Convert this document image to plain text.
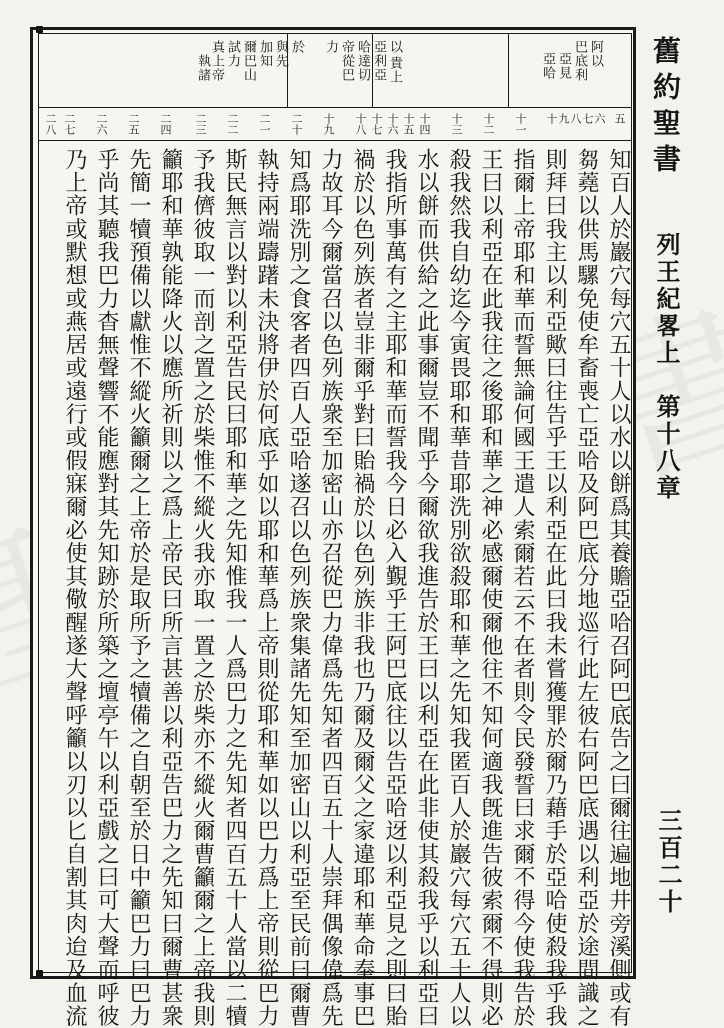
舊約聖書
列王紀畧上　第十八章
三百二十
阿以
巴底利
亞見
亞哈
以
貴上
亞利亞
哈達切
帝從巴
力
於
與先
加知
爾巴山
試力
真上帝
執諸
五
六
七
八
九
十
十一
十二
十三
十四
十五
十六
十七
十八
十九
二十
二一
二二
二三
二四
二五
二六
二七
二八
知百人於巖穴每穴五十人以水以餅爲其養贍亞哈召阿巴底告之曰爾往遍地井旁溪側或有
芻蕘以供馬騾免使牟畜喪亡亞哈及阿巴底分地巡行此左彼右阿巴底遇以利亞於途間識之
則拜曰我主以利亞歟曰往告乎王以利亞在此曰我未嘗獲罪於爾乃藉手於亞哈使殺我乎我
指爾上帝耶和華而誓無論何國王遣人索爾若云不在者則令民發誓曰求爾不得今使我告於
王曰以利亞在此我往之後耶和華之神必感爾使爾他往不知何適我旣進告彼索爾不得則必
殺我然我自幼迄今寅畏耶和華昔耶洗別欲殺耶和華之先知我匿百人於巖穴每穴五十人以
水以餅而供給之此事爾豈不聞乎今爾欲我進告於王曰以利亞在此非使其殺我乎以利亞曰
我指所事萬有之主耶和華而誓我今日必入覲乎王阿巴底往以告亞哈迓以利亞見之則曰貽
禍於以色列族者豈非爾乎對曰貽禍於以色列族非我也乃爾及爾父之家違耶和華命奉事巴
力故耳今爾當召以色列族衆至加密山亦召從巴力偉爲先知者四百五十人崇拜偶像偉爲先
知爲耶洗別之食客者四百人亞哈遂召以色列族衆集諸先知至加密山以利亞至民前曰爾曹
執持兩端躊躇未決將伊於何底乎如以耶和華爲上帝則從耶和華如以巴力爲上帝則從巴力
斯民無言以對以利亞告民曰耶和華之先知惟我一人爲巴力之先知者四百五十人當以二犢
予我儕彼取一而剖之置之於柴惟不縱火我亦取一置之於柴亦不縱火爾曹籲爾之上帝我則
籲耶和華孰能降火以應所祈則以之爲上帝民曰所言甚善以利亞告巴力之先知曰爾曹甚衆
先簡一犢預備以獻惟不縱火籲爾之上帝於是取所予之犢備之自朝至於日中籲巴力曰巴力
乎尚其聽我巴力杳無聲響不能應對其先知跡於所築之壇亭午以利亞戲之曰可大聲而呼彼
乃上帝或默想或燕居或遠行或假寐爾必使其儆醒遂大聲呼籲以刃以匕自割其肉迨及血流
